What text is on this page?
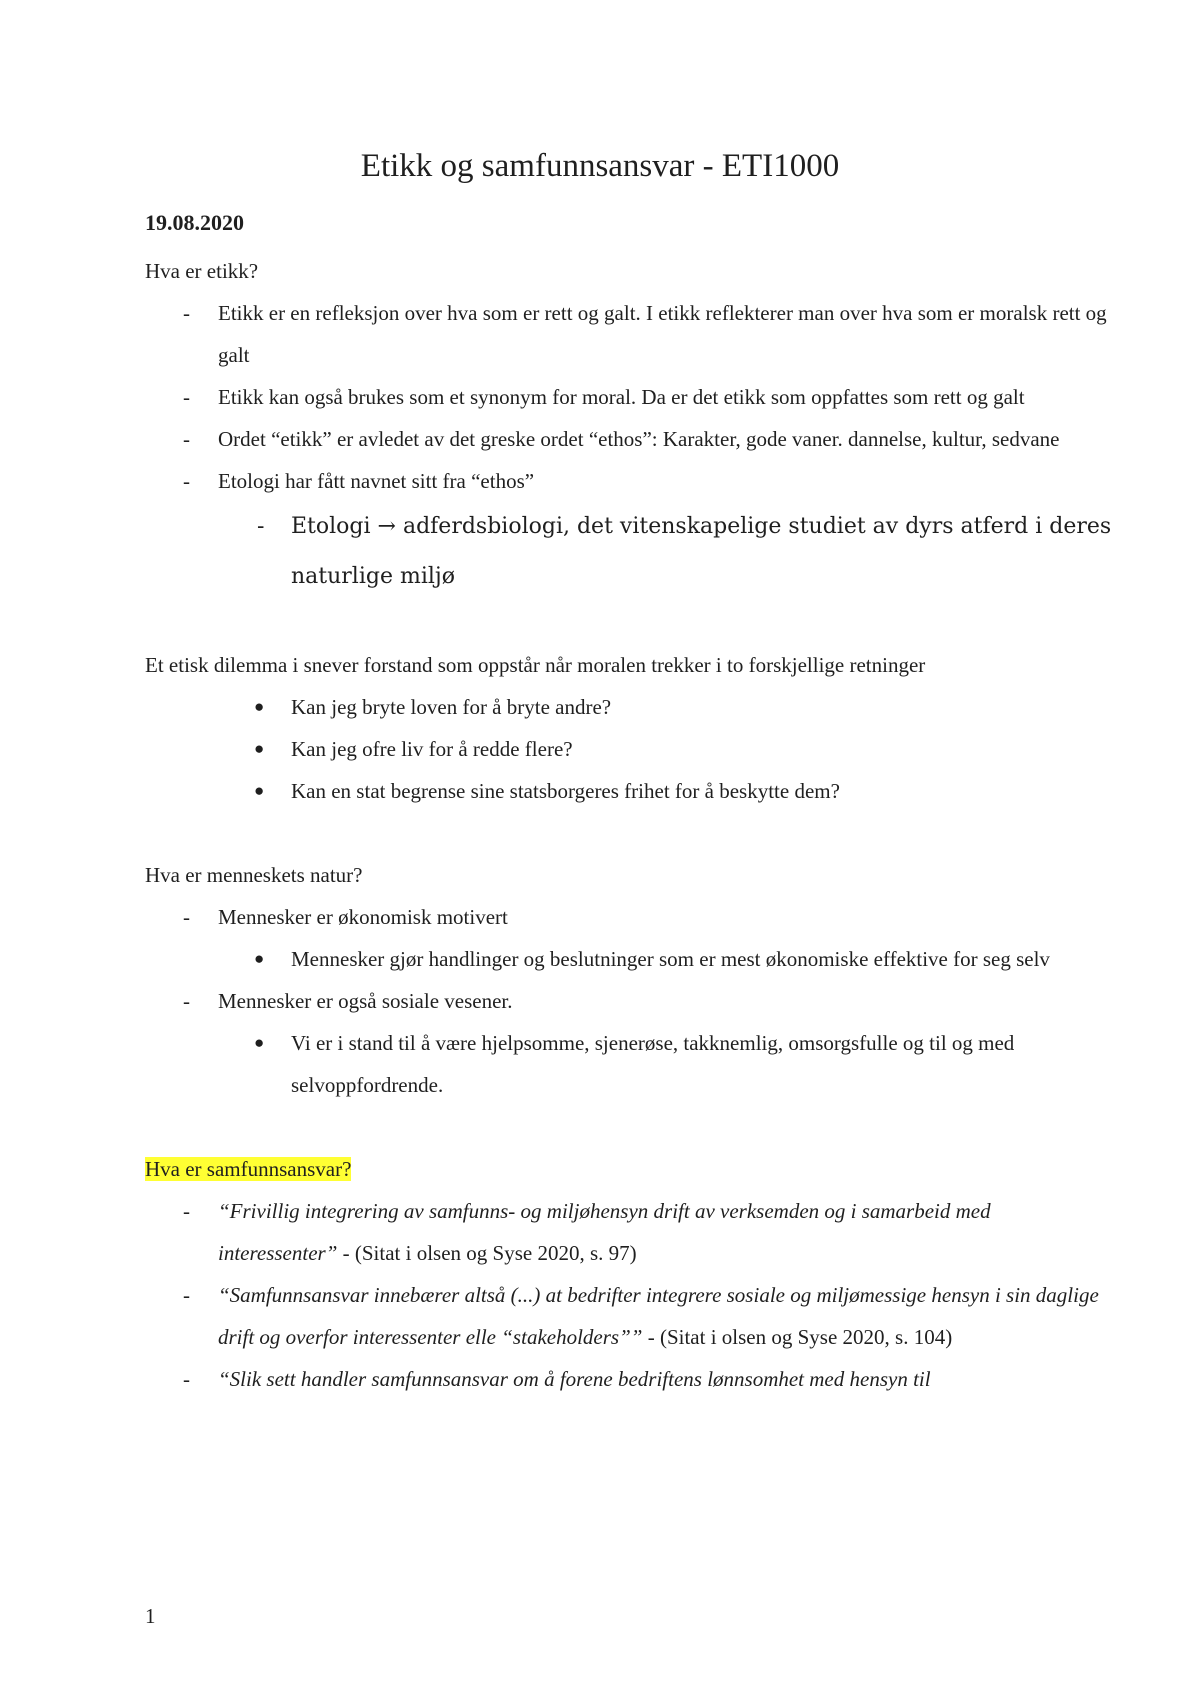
Etikk og samfunnsansvar - ETI1000
19.08.2020

Hva er etikk?

- Etikk er en refleksjon over hva som er rett og galt. I etikk reflekterer man over hva som er moralsk rett og galt
- Etikk kan også brukes som et synonym for moral. Da er det etikk som oppfattes som rett og galt
- Ordet “etikk” er avledet av det greske ordet “ethos”: Karakter, gode vaner. dannelse, kultur, sedvane
- Etologi har fått navnet sitt fra “ethos”
- Etologi → adferdsbiologi, det vitenskapelige studiet av dyrs atferd i deres naturlige miljø

Et etisk dilemma i snever forstand som oppstår når moralen trekker i to forskjellige retninger

● Kan jeg bryte loven for å bryte andre?
● Kan jeg ofre liv for å redde flere?
● Kan en stat begrense sine statsborgeres frihet for å beskytte dem?

Hva er menneskets natur?

- Mennesker er økonomisk motivert
● Mennesker gjør handlinger og beslutninger som er mest økonomiske effektive for seg selv
- Mennesker er også sosiale vesener.
● Vi er i stand til å være hjelpsomme, sjenerøse, takknemlig, omsorgsfulle og til og med selvoppfordrende.

Hva er samfunnsansvar?

- “Frivillig integrering av samfunns- og miljøhensyn drift av verksemden og i samarbeid med interessenter” - (Sitat i olsen og Syse 2020, s. 97)
- “Samfunnsansvar innebærer altså (...) at bedrifter integrere sosiale og miljømessige hensyn i sin daglige drift og overfor interessenter elle “stakeholders”” - (Sitat i olsen og Syse 2020, s. 104)
- “Slik sett handler samfunnsansvar om å forene bedriftens lønnsomhet med hensyn til
1
